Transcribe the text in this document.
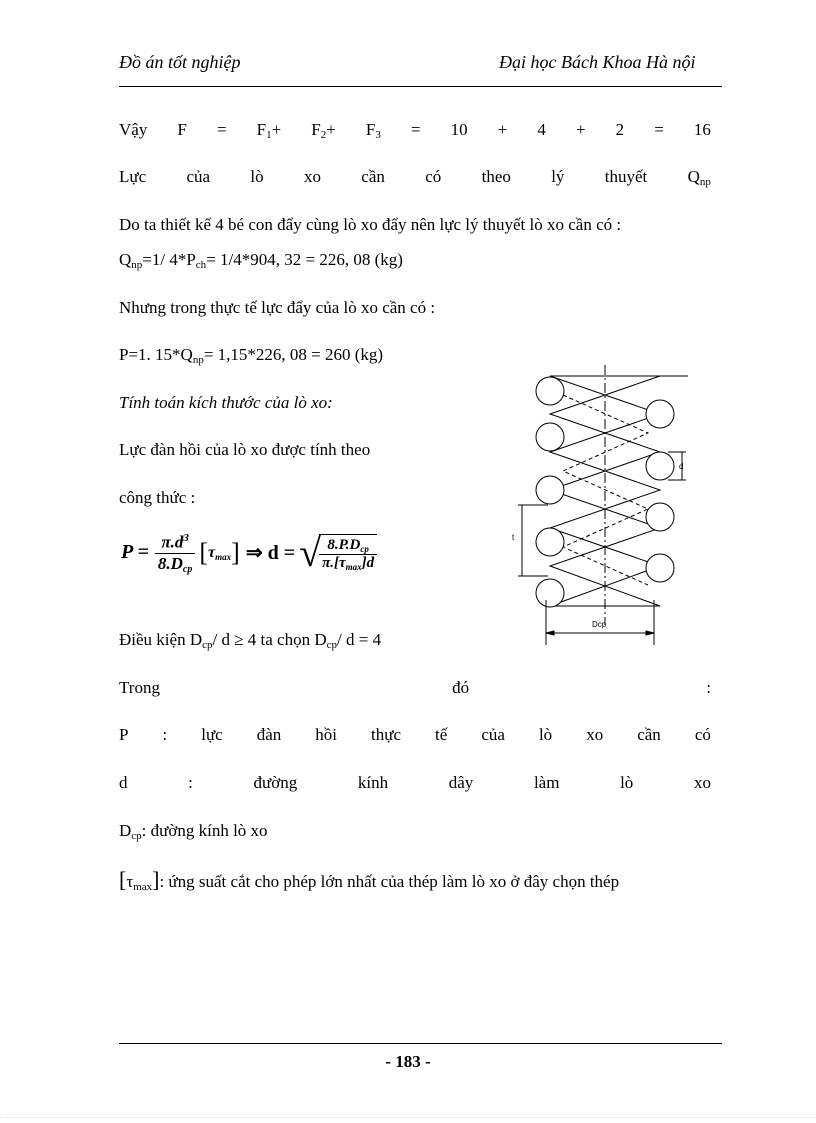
Đồ án tốt nghiệp	Đại học Bách Khoa Hà nội
Vậy $F = F_1+ F_2+ F_3 = 10 + 4 + 2 = 16$
Lực của lò xo cần có theo lý thuyết $Q_{np}$
Do ta thiết kế 4 bé con đẩy cùng lò xo đẩy nên lực lý thuyết lò xo cần có :
$Q_{np}=1/$ $4*P_{ch}= 1/4*904$, 32 = 226, 08 (kg)
Nhưng trong thực tế lực đẩy của lò xo cần có :
P=1. $15*Q_{np}= 1,15*226$, 08 = 260 (kg)
Tính toán kích thước của lò xo:
Lực đàn hồi của lò xo được tính theo
công thức :
$P = \frac{\pi.d^3}{8.D_{cp}}$ [ $\tau_{max}$ ] ⇒ d = √
$\frac{8.P.D_{cp}}{\pi.[\tau_{max}]d}$
d
t
Dcp
Điều kiện $D_{cp}/$ d ≥ 4 ta chọn $D_{cp}/$ d = 4
Trong	đó	:
P : lực đàn hồi thực tế của lò xo cần có
d	:	đường	kính	dây	làm	lò	xo
$D_{cp}$: đường kính lò xo
$[\tau_{max}]$: ứng suất cắt cho phép lớn nhất của thép làm lò xo ở đây chọn thép
- 183 -
